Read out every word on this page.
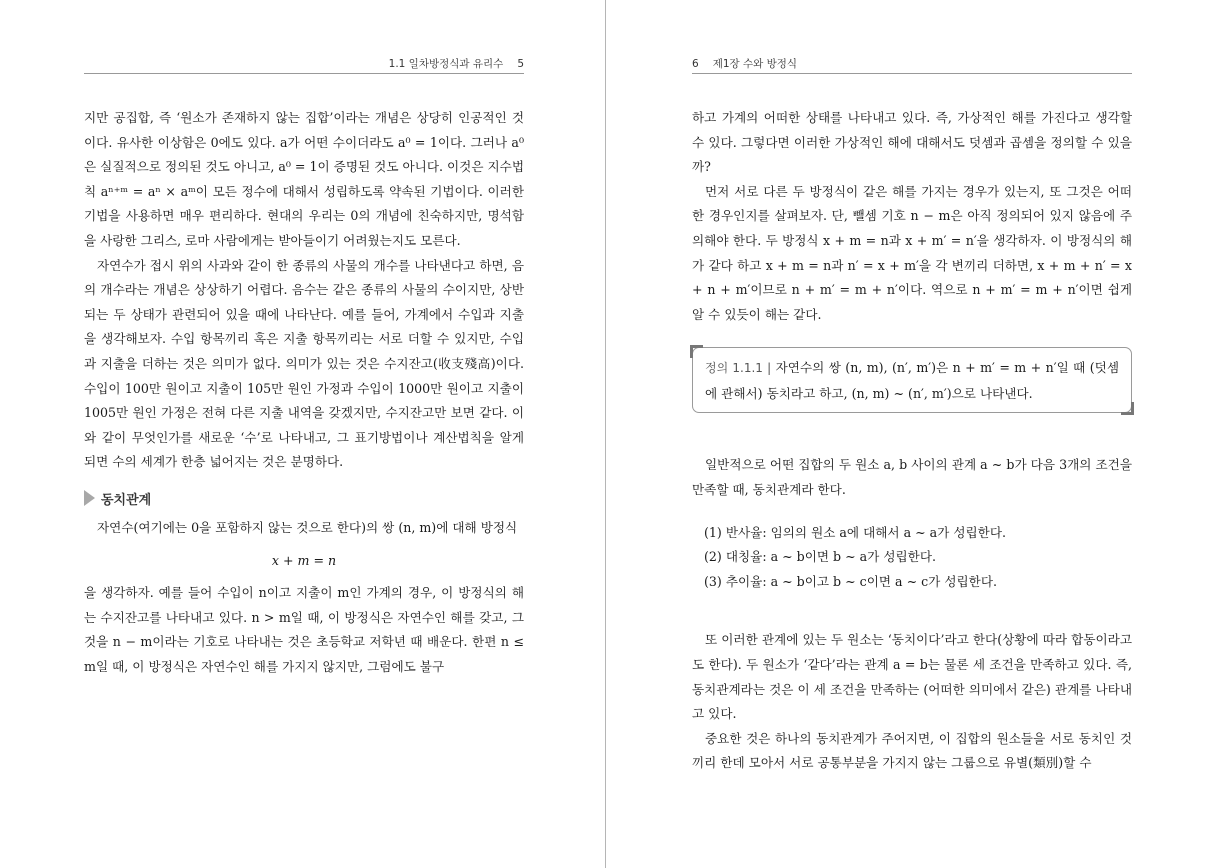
1.1 일차방정식과 유리수 5

지만 공집합, 즉 ‘원소가 존재하지 않는 집합’이라는 개념은 상당히 인공적인 것이다. 유사한 이상함은 0에도 있다. a가 어떤 수이더라도 a⁰ = 1이다. 그러나 a⁰은 실질적으로 정의된 것도 아니고, a⁰ = 1이 증명된 것도 아니다. 이것은 지수법칙 aⁿ⁺ᵐ = aⁿ × aᵐ이 모든 정수에 대해서 성립하도록 약속된 기법이다. 이러한 기법을 사용하면 매우 편리하다. 현대의 우리는 0의 개념에 친숙하지만, 명석함을 사랑한 그리스, 로마 사람에게는 받아들이기 어려웠는지도 모른다.

자연수가 접시 위의 사과와 같이 한 종류의 사물의 개수를 나타낸다고 하면, 음의 개수라는 개념은 상상하기 어렵다. 음수는 같은 종류의 사물의 수이지만, 상반되는 두 상태가 관련되어 있을 때에 나타난다. 예를 들어, 가계에서 수입과 지출을 생각해보자. 수입 항목끼리 혹은 지출 항목끼리는 서로 더할 수 있지만, 수입과 지출을 더하는 것은 의미가 없다. 의미가 있는 것은 수지잔고(收支殘高)이다. 수입이 100만 원이고 지출이 105만 원인 가정과 수입이 1000만 원이고 지출이 1005만 원인 가정은 전혀 다른 지출 내역을 갖겠지만, 수지잔고만 보면 같다. 이와 같이 무엇인가를 새로운 ‘수’로 나타내고, 그 표기방법이나 계산법칙을 알게 되면 수의 세계가 한층 넓어지는 것은 분명하다.

동치관계

자연수(여기에는 0을 포함하지 않는 것으로 한다)의 쌍 (n, m)에 대해 방정식

x + m = n

을 생각하자. 예를 들어 수입이 n이고 지출이 m인 가계의 경우, 이 방정식의 해는 수지잔고를 나타내고 있다. n > m일 때, 이 방정식은 자연수인 해를 갖고, 그것을 n − m이라는 기호로 나타내는 것은 초등학교 저학년 때 배운다. 한편 n ≤ m일 때, 이 방정식은 자연수인 해를 가지지 않지만, 그럼에도 불구

6 제1장 수와 방정식

하고 가계의 어떠한 상태를 나타내고 있다. 즉, 가상적인 해를 가진다고 생각할 수 있다. 그렇다면 이러한 가상적인 해에 대해서도 덧셈과 곱셈을 정의할 수 있을까?

먼저 서로 다른 두 방정식이 같은 해를 가지는 경우가 있는지, 또 그것은 어떠한 경우인지를 살펴보자. 단, 뺄셈 기호 n − m은 아직 정의되어 있지 않음에 주의해야 한다. 두 방정식 x + m = n과 x + m′ = n′을 생각하자. 이 방정식의 해가 같다 하고 x + m = n과 n′ = x + m′을 각 변끼리 더하면, x + m + n′ = x + n + m′이므로 n + m′ = m + n′이다. 역으로 n + m′ = m + n′이면 쉽게 알 수 있듯이 해는 같다.

정의 1.1.1 | 자연수의 쌍 (n, m), (n′, m′)은 n + m′ = m + n′일 때 (덧셈에 관해서) 동치라고 하고, (n, m) ~ (n′, m′)으로 나타낸다.

일반적으로 어떤 집합의 두 원소 a, b 사이의 관계 a ~ b가 다음 3개의 조건을 만족할 때, 동치관계라 한다.

(1) 반사율: 임의의 원소 a에 대해서 a ~ a가 성립한다.

(2) 대칭율: a ~ b이면 b ~ a가 성립한다.

(3) 추이율: a ~ b이고 b ~ c이면 a ~ c가 성립한다.

또 이러한 관계에 있는 두 원소는 ‘동치이다’라고 한다(상황에 따라 합동이라고도 한다). 두 원소가 ‘같다’라는 관계 a = b는 물론 세 조건을 만족하고 있다. 즉, 동치관계라는 것은 이 세 조건을 만족하는 (어떠한 의미에서 같은) 관계를 나타내고 있다.

중요한 것은 하나의 동치관계가 주어지면, 이 집합의 원소들을 서로 동치인 것끼리 한데 모아서 서로 공통부분을 가지지 않는 그룹으로 유별(類別)할 수
